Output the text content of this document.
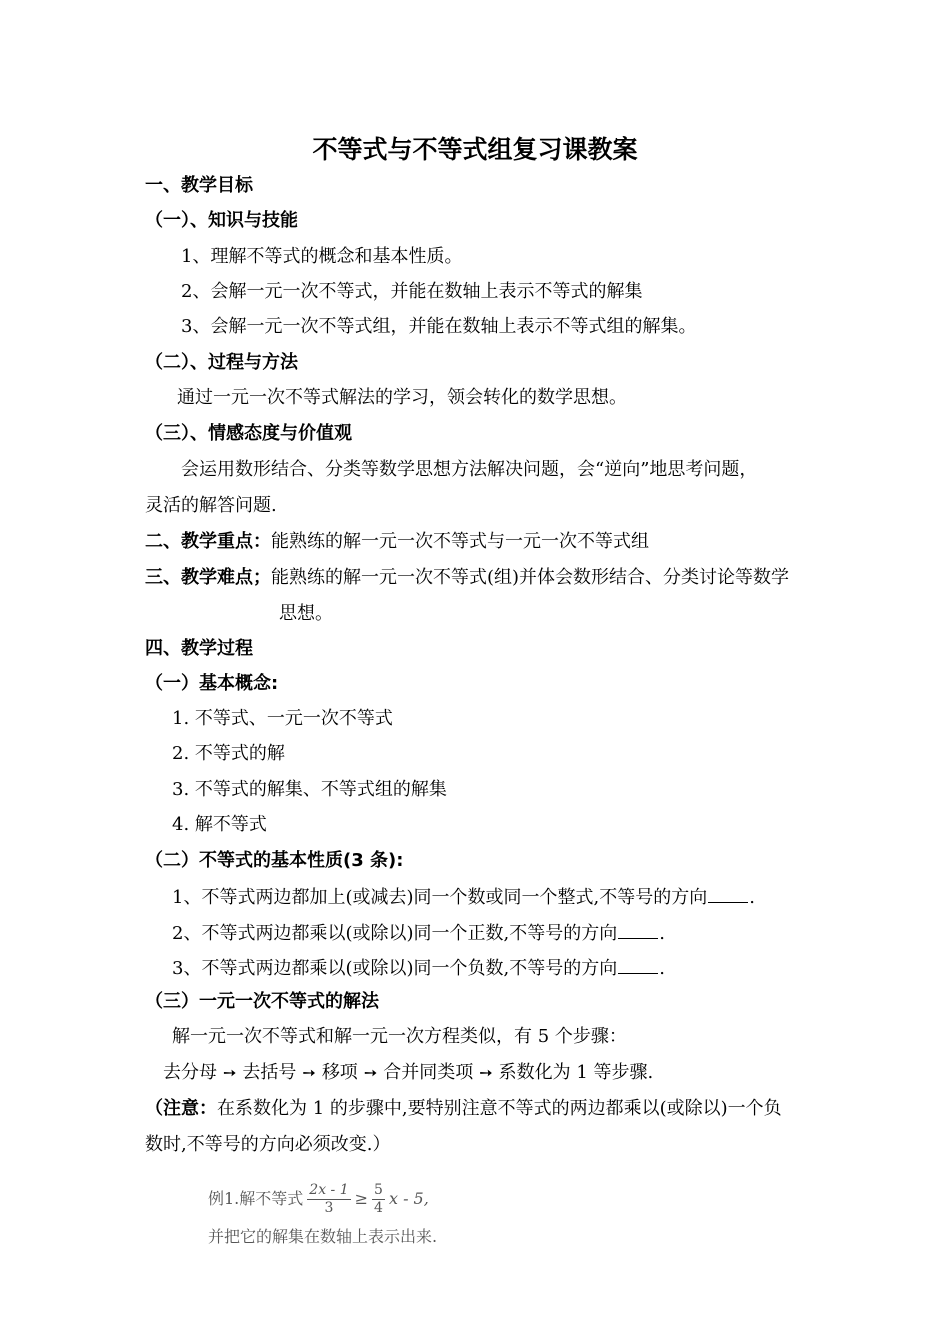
不等式与不等式组复习课教案
一、教学目标
（一）、知识与技能
1、理解不等式的概念和基本性质。
2、会解一元一次不等式，并能在数轴上表示不等式的解集
3、会解一元一次不等式组，并能在数轴上表示不等式组的解集。
（二）、过程与方法
通过一元一次不等式解法的学习，领会转化的数学思想。
（三）、情感态度与价值观
会运用数形结合、分类等数学思想方法解决问题，会“逆向”地思考问题，
灵活的解答问题.
二、教学重点：能熟练的解一元一次不等式与一元一次不等式组
三、教学难点；能熟练的解一元一次不等式(组)并体会数形结合、分类讨论等数学
思想。
四、教学过程
（一）基本概念:
1. 不等式、一元一次不等式
2. 不等式的解
3. 不等式的解集、不等式组的解集
4. 解不等式
（二）不等式的基本性质(3 条):
1、不等式两边都加上(或减去)同一个数或同一个整式,不等号的方向 .
2、不等式两边都乘以(或除以)同一个正数,不等号的方向 .
3、不等式两边都乘以(或除以)同一个负数,不等号的方向 .
（三）一元一次不等式的解法
解一元一次不等式和解一元一次方程类似，有 5 个步骤：
去分母 ➙ 去括号 ➙ 移项 ➙ 合并同类项 ➙ 系数化为 1 等步骤.
（注意：在系数化为 1 的步骤中,要特别注意不等式的两边都乘以(或除以)一个负
数时,不等号的方向必须改变.）
例1.解不等式 $\frac{2x - 1}{3} \ge \frac{5}{4}$ x - 5,
并把它的解集在数轴上表示出来.
